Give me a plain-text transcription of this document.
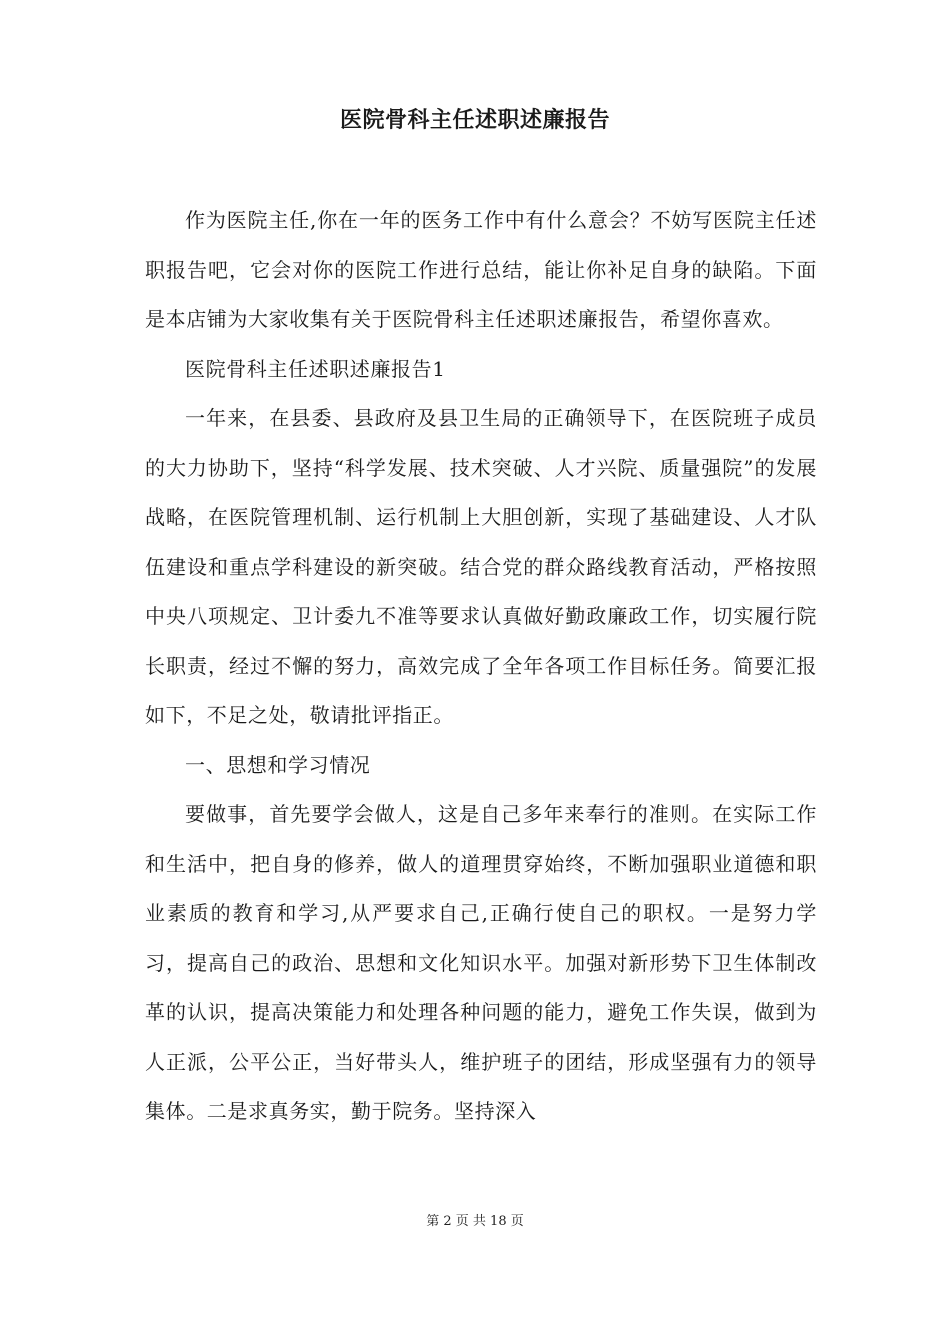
医院骨科主任述职述廉报告

作为医院主任,你在一年的医务工作中有什么意会？不妨写医院主任述职报告吧，它会对你的医院工作进行总结，能让你补足自身的缺陷。下面是本店铺为大家收集有关于医院骨科主任述职述廉报告，希望你喜欢。

医院骨科主任述职述廉报告1

一年来，在县委、县政府及县卫生局的正确领导下，在医院班子成员的大力协助下，坚持“科学发展、技术突破、人才兴院、质量强院”的发展战略，在医院管理机制、运行机制上大胆创新，实现了基础建设、人才队伍建设和重点学科建设的新突破。结合党的群众路线教育活动，严格按照中央八项规定、卫计委九不准等要求认真做好勤政廉政工作，切实履行院长职责，经过不懈的努力，高效完成了全年各项工作目标任务。简要汇报如下，不足之处，敬请批评指正。

一、思想和学习情况

要做事，首先要学会做人，这是自己多年来奉行的准则。在实际工作和生活中，把自身的修养，做人的道理贯穿始终，不断加强职业道德和职业素质的教育和学习,从严要求自己,正确行使自己的职权。一是努力学习，提高自己的政治、思想和文化知识水平。加强对新形势下卫生体制改革的认识，提高决策能力和处理各种问题的能力，避免工作失误，做到为人正派，公平公正，当好带头人，维护班子的团结，形成坚强有力的领导集体。二是求真务实，勤于院务。坚持深入

第 2 页 共 18 页
